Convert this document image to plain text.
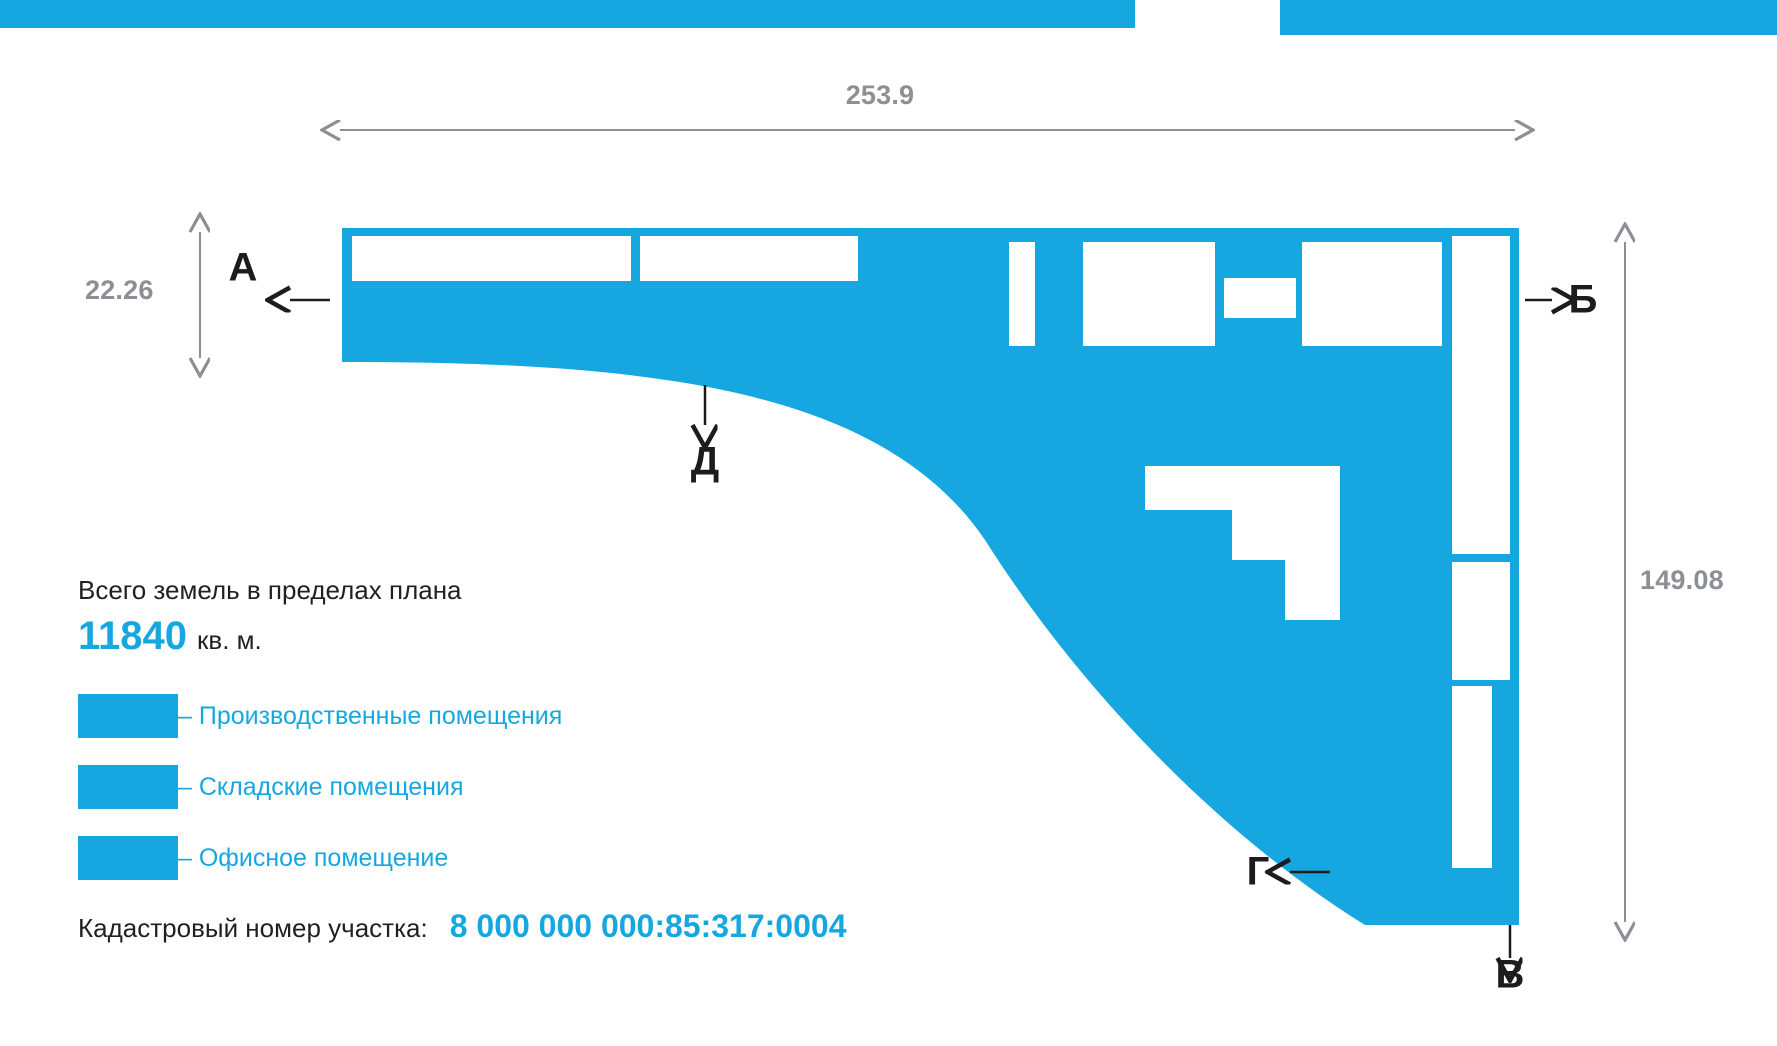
253.9
22.26
149.08
А
Б
В
Г
Д

Всего земель в пределах плана

11840 кв. м.
– Производственные помещения
– Складские помещения
– Офисное помещение
Кадастровый номер участка: 8 000 000 000:85:317:0004
